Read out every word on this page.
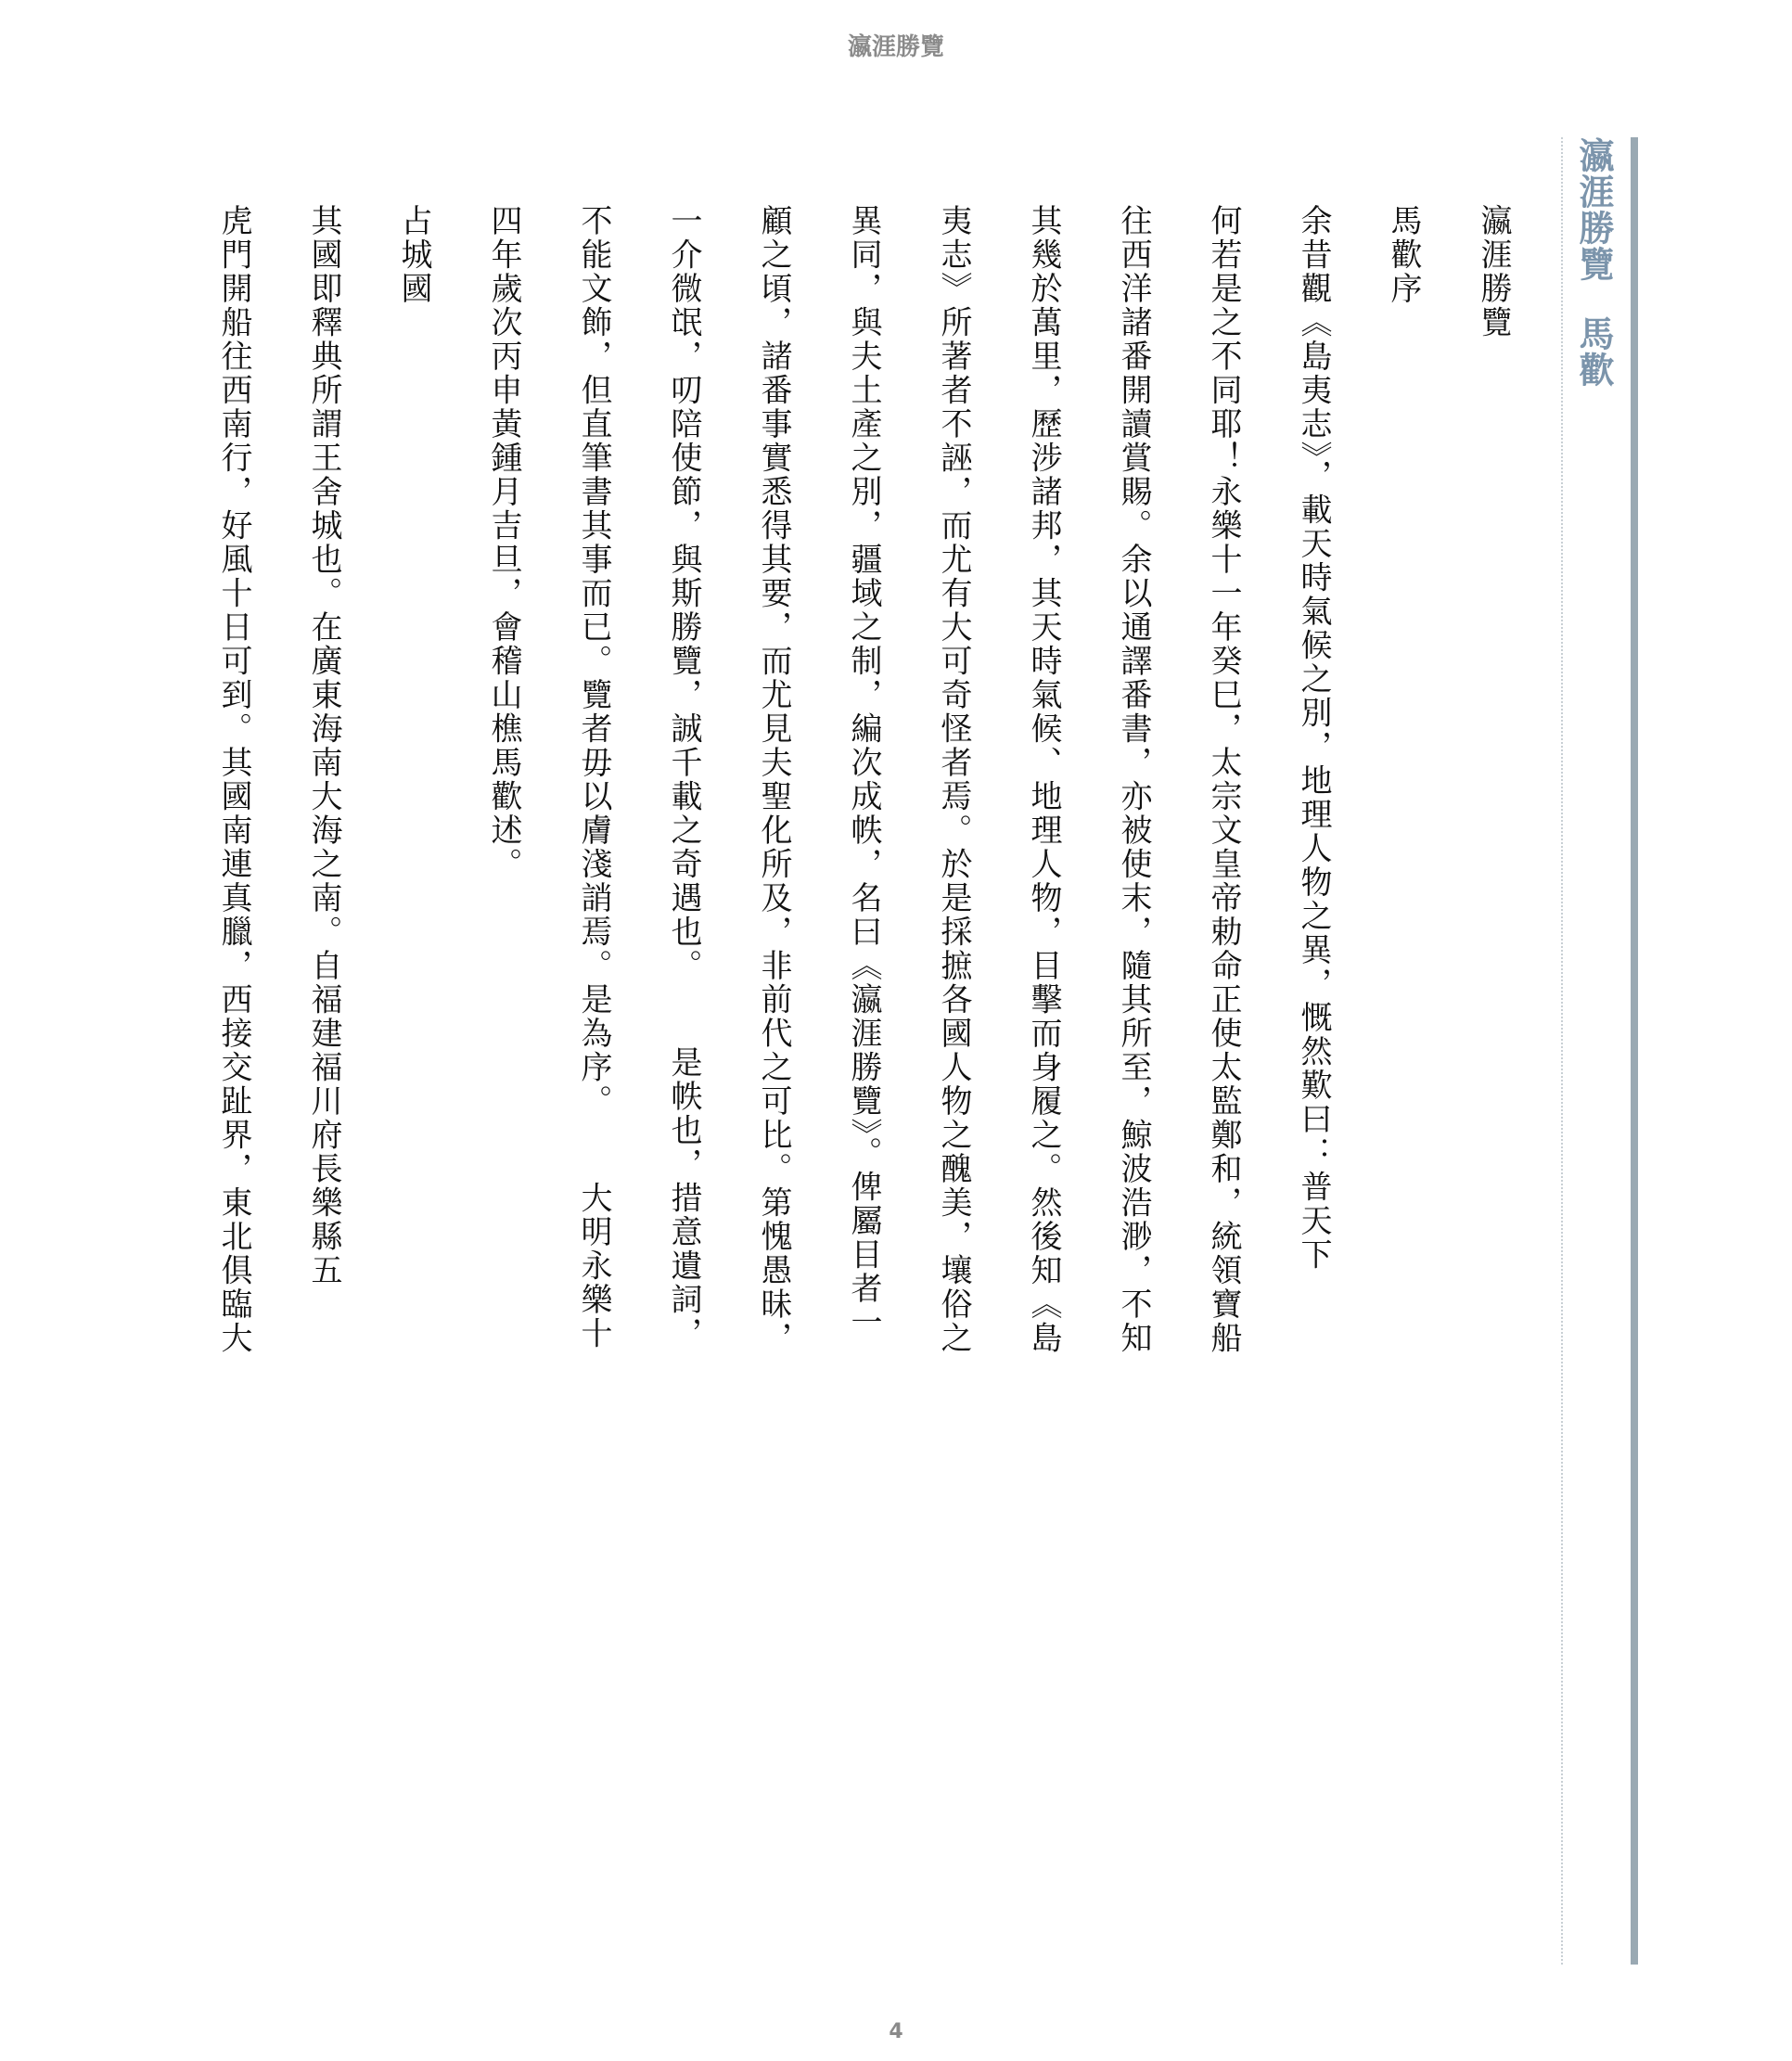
瀛涯勝覽
瀛涯勝覽馬歡
瀛涯勝覽
馬歡序
余昔觀《島夷志》，載天時氣候之別，地理人物之異，慨然歎曰：普天下
何若是之不同耶！永樂十一年癸巳，太宗文皇帝勅命正使太監鄭和，統領寶船
往西洋諸番開讀賞賜。余以通譯番書，亦被使末，隨其所至，鯨波浩渺，不知
其幾於萬里，歷涉諸邦，其天時氣候、地理人物，目擊而身履之。然後知《島
夷志》所著者不誣，而尤有大可奇怪者焉。於是採摭各國人物之醜美，壤俗之
異同，與夫土產之別，疆域之制，編次成帙，名曰《瀛涯勝覽》。俾屬目者一
顧之頃，諸番事實悉得其要，而尤見夫聖化所及，非前代之可比。第愧愚昧，
一介微氓，叨陪使節，與斯勝覽，誠千載之奇遇也。是帙也，措意遺詞，
不能文飾，但直筆書其事而已。覽者毋以膚淺誚焉。是為序。大明永樂十
四年歲次丙申黃鍾月吉旦，會稽山樵馬歡述。
占城國
其國即釋典所謂王舍城也。在廣東海南大海之南。自福建福川府長樂縣五
虎門開船往西南行，好風十日可到。其國南連真臘，西接交趾界，東北俱臨大
4
